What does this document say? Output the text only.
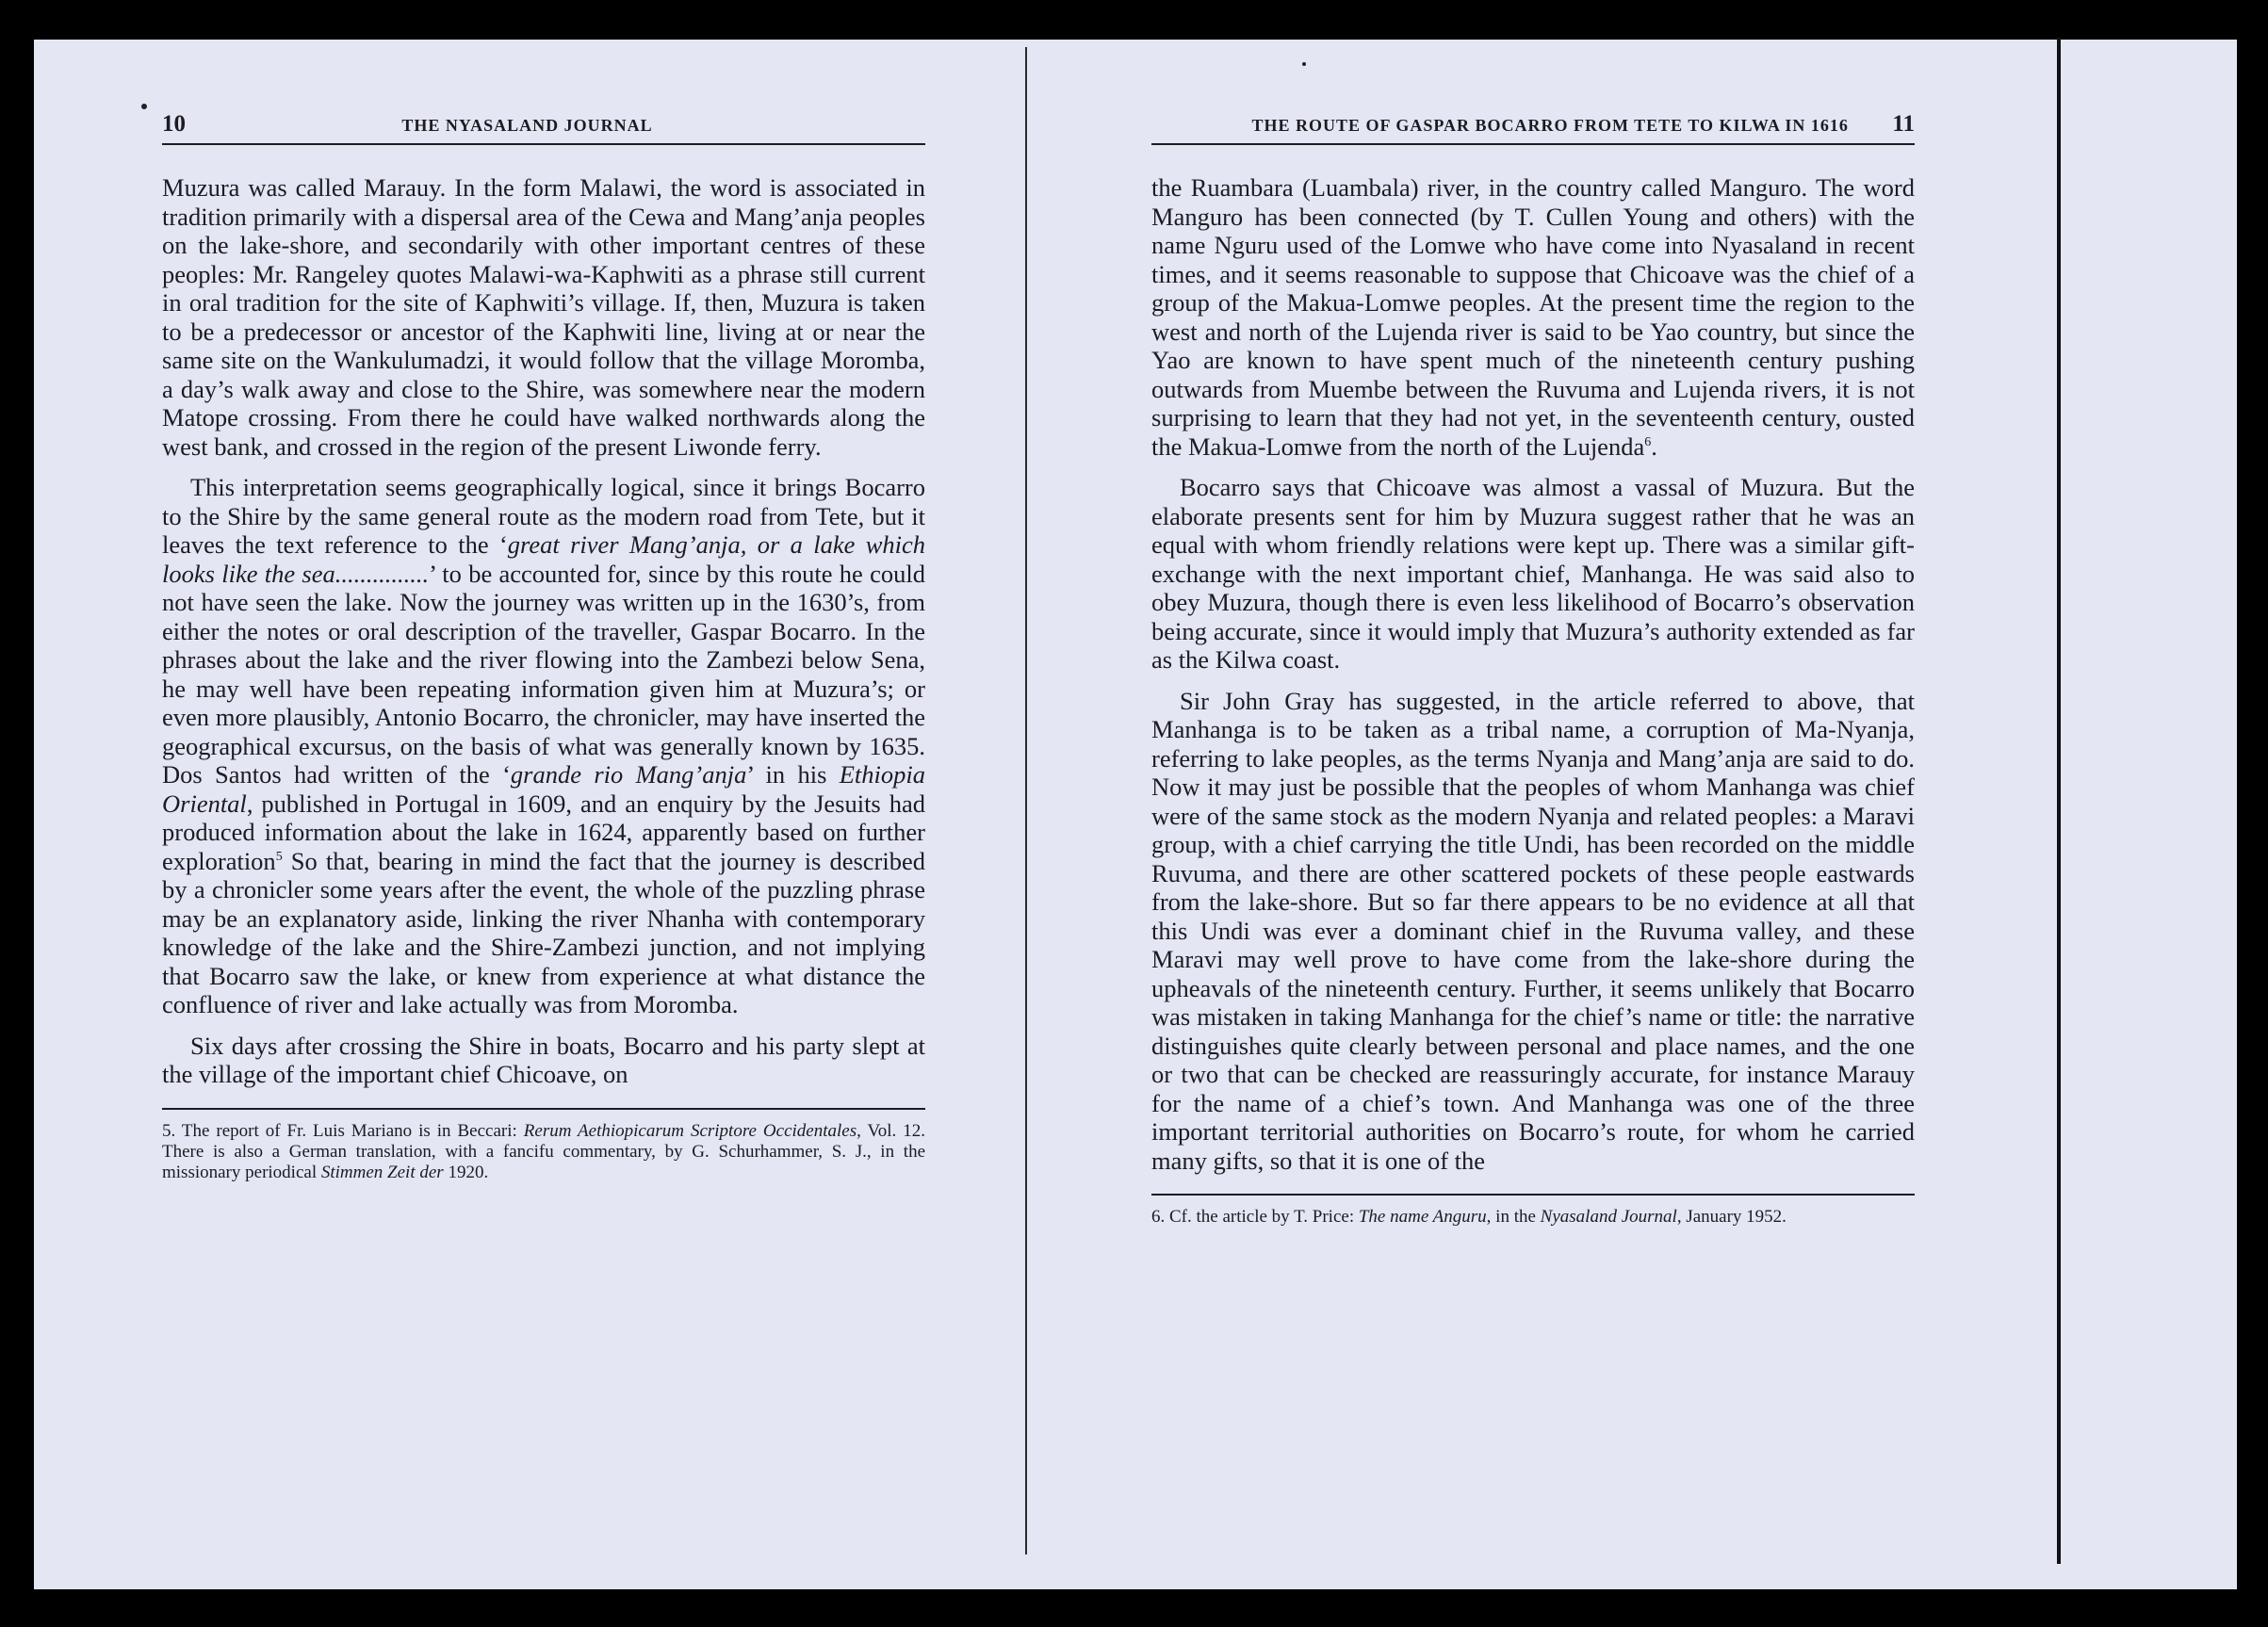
10	THE NYASALAND JOURNAL

Muzura was called Marauy. In the form Malawi, the word is associated in tradition primarily with a dispersal area of the Cewa and Mang’anja peoples on the lake-shore, and secondarily with other important centres of these peoples: Mr. Rangeley quotes Malawi-wa-Kaphwiti as a phrase still current in oral tradition for the site of Kaphwiti’s village. If, then, Muzura is taken to be a predecessor or ancestor of the Kaphwiti line, living at or near the same site on the Wankulumadzi, it would follow that the village Moromba, a day’s walk away and close to the Shire, was somewhere near the modern Matope crossing. From there he could have walked northwards along the west bank, and crossed in the region of the present Liwonde ferry.

This interpretation seems geographically logical, since it brings Bocarro to the Shire by the same general route as the modern road from Tete, but it leaves the text reference to the ‘great river Mang’anja, or a lake which looks like the sea...............’ to be accounted for, since by this route he could not have seen the lake. Now the journey was written up in the 1630’s, from either the notes or oral description of the traveller, Gaspar Bocarro. In the phrases about the lake and the river flowing into the Zambezi below Sena, he may well have been repeating information given him at Muzura’s; or even more plausibly, Antonio Bocarro, the chronicler, may have inserted the geographical excursus, on the basis of what was generally known by 1635. Dos Santos had written of the ‘grande rio Mang’anja’ in his Ethiopia Oriental, published in Portugal in 1609, and an enquiry by the Jesuits had produced information about the lake in 1624, apparently based on further exploration$^5$ So that, bearing in mind the fact that the journey is described by a chronicler some years after the event, the whole of the puzzling phrase may be an explanatory aside, linking the river Nhanha with contemporary knowledge of the lake and the Shire-Zambezi junction, and not implying that Bocarro saw the lake, or knew from experience at what distance the confluence of river and lake actually was from Moromba.

Six days after crossing the Shire in boats, Bocarro and his party slept at the village of the important chief Chicoave, on

5. The report of Fr. Luis Mariano is in Beccari: Rerum Aethiopicarum Scriptore Occidentales, Vol. 12. There is also a German translation, with a fancifu commentary, by G. Schurhammer, S. J., in the missionary periodical Stimmen Zeit der 1920.
THE ROUTE OF GASPAR BOCARRO FROM TETE TO KILWA IN 1616 11

the Ruambara (Luambala) river, in the country called Manguro. The word Manguro has been connected (by T. Cullen Young and others) with the name Nguru used of the Lomwe who have come into Nyasaland in recent times, and it seems reasonable to suppose that Chicoave was the chief of a group of the Makua-Lomwe peoples. At the present time the region to the west and north of the Lujenda river is said to be Yao country, but since the Yao are known to have spent much of the nineteenth century pushing outwards from Muembe between the Ruvuma and Lujenda rivers, it is not surprising to learn that they had not yet, in the seventeenth century, ousted the Makua-Lomwe from the north of the Lujenda$^6$.

Bocarro says that Chicoave was almost a vassal of Muzura. But the elaborate presents sent for him by Muzura suggest rather that he was an equal with whom friendly relations were kept up. There was a similar gift-exchange with the next important chief, Manhanga. He was said also to obey Muzura, though there is even less likelihood of Bocarro’s observation being accurate, since it would imply that Muzura’s authority extended as far as the Kilwa coast.

Sir John Gray has suggested, in the article referred to above, that Manhanga is to be taken as a tribal name, a corruption of Ma-Nyanja, referring to lake peoples, as the terms Nyanja and Mang’anja are said to do. Now it may just be possible that the peoples of whom Manhanga was chief were of the same stock as the modern Nyanja and related peoples: a Maravi group, with a chief carrying the title Undi, has been recorded on the middle Ruvuma, and there are other scattered pockets of these people eastwards from the lake-shore. But so far there appears to be no evidence at all that this Undi was ever a dominant chief in the Ruvuma valley, and these Maravi may well prove to have come from the lake-shore during the upheavals of the nineteenth century. Further, it seems unlikely that Bocarro was mistaken in taking Manhanga for the chief’s name or title: the narrative distinguishes quite clearly between personal and place names, and the one or two that can be checked are reassuringly accurate, for instance Marauy for the name of a chief’s town. And Manhanga was one of the three important territorial authorities on Bocarro’s route, for whom he carried many gifts, so that it is one of the

6. Cf. the article by T. Price: The name Anguru, in the Nyasaland Journal, January 1952.
